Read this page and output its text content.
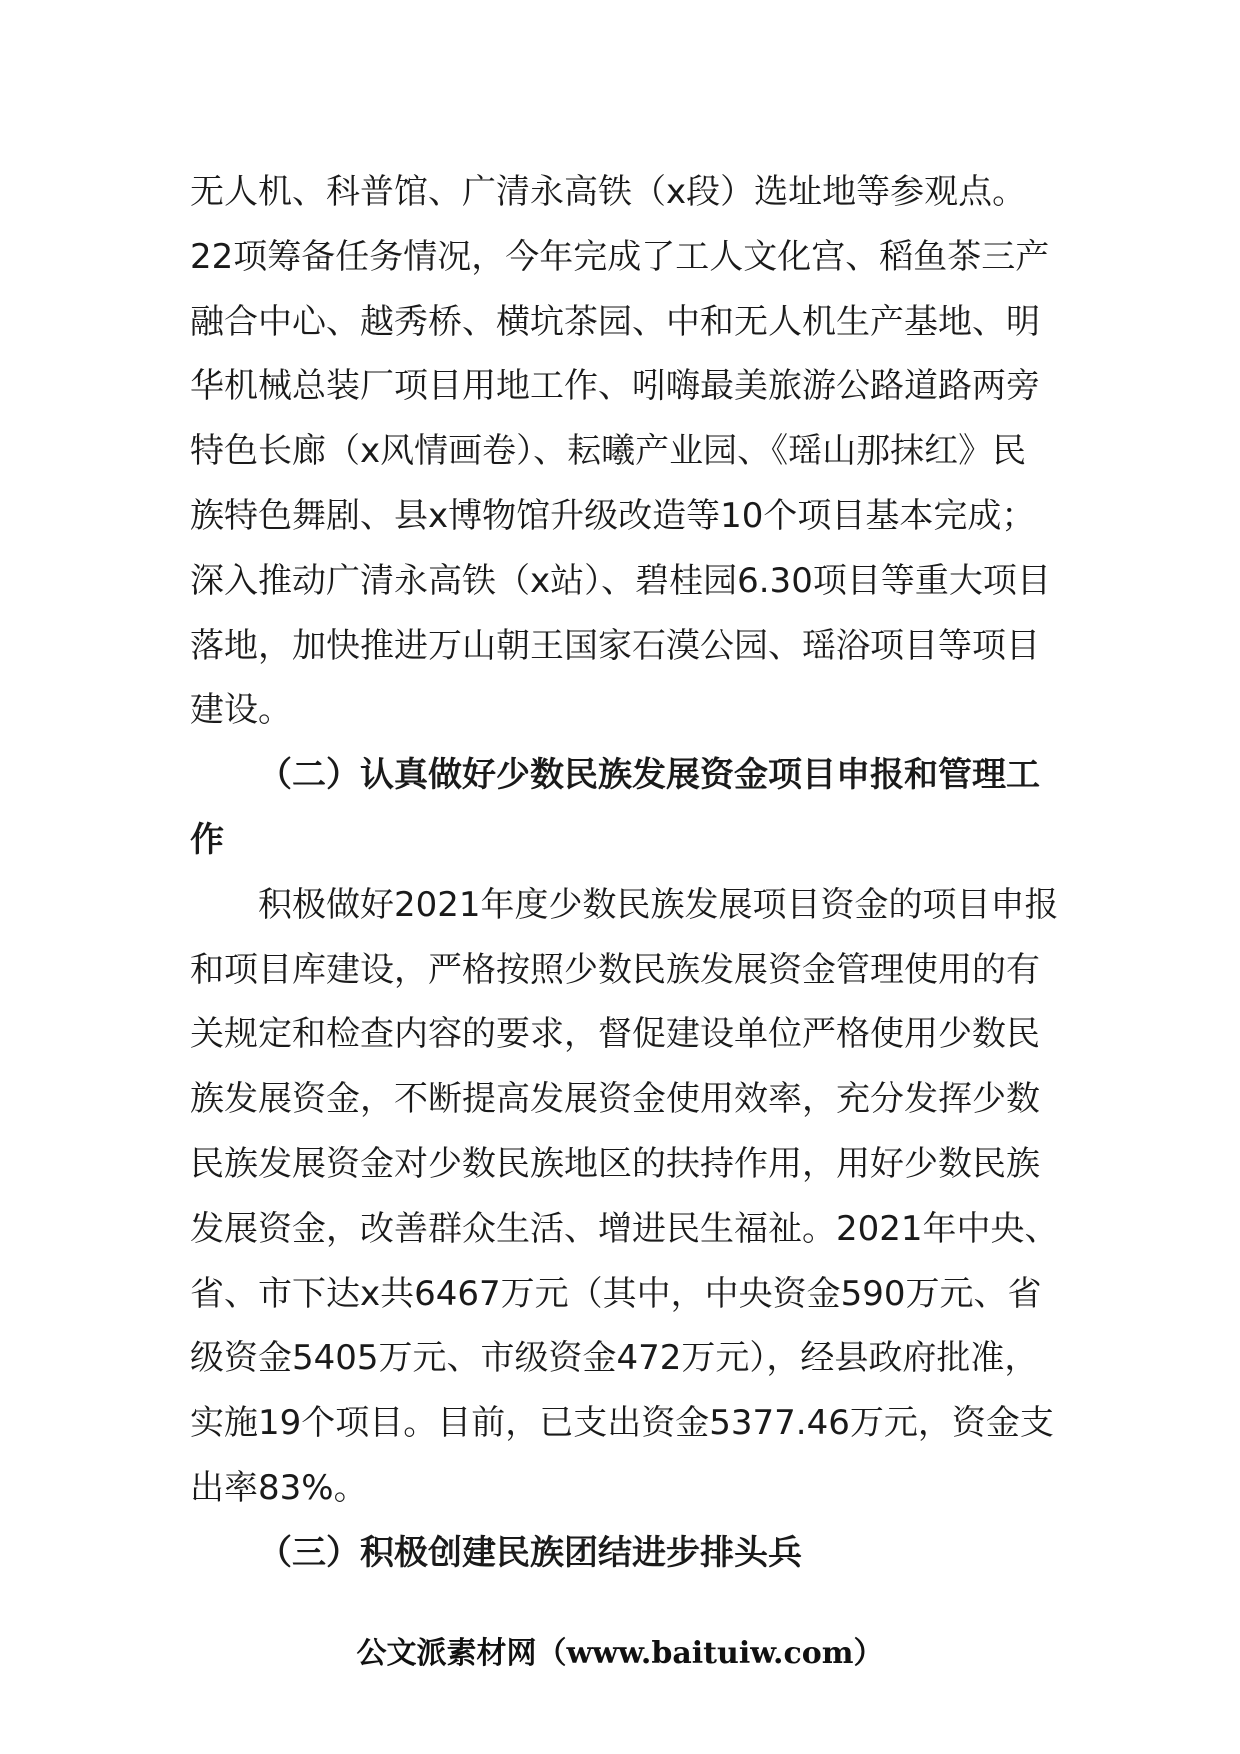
无人机、科普馆、广清永高铁（x段）选址地等参观点。22项筹备任务情况，今年完成了工人文化宫、稻鱼茶三产融合中心、越秀桥、横坑茶园、中和无人机生产基地、明华机械总装厂项目用地工作、吲嗨最美旅游公路道路两旁特色长廊（x风情画卷）、耘曦产业园、《瑶山那抹红》民族特色舞剧、县x博物馆升级改造等10个项目基本完成；深入推动广清永高铁（x站）、碧桂园6.30项目等重大项目落地，加快推进万山朝王国家石漠公园、瑶浴项目等项目建设。

（二）认真做好少数民族发展资金项目申报和管理工作

积极做好2021年度少数民族发展项目资金的项目申报和项目库建设，严格按照少数民族发展资金管理使用的有关规定和检查内容的要求，督促建设单位严格使用少数民族发展资金，不断提高发展资金使用效率，充分发挥少数民族发展资金对少数民族地区的扶持作用，用好少数民族发展资金，改善群众生活、增进民生福祉。2021年中央、省、市下达x共6467万元（其中，中央资金590万元、省级资金5405万元、市级资金472万元），经县政府批准，实施19个项目。目前，已支出资金5377.46万元，资金支出率83%。

（三）积极创建民族团结进步排头兵

公文派素材网（www.baituiw.com）
